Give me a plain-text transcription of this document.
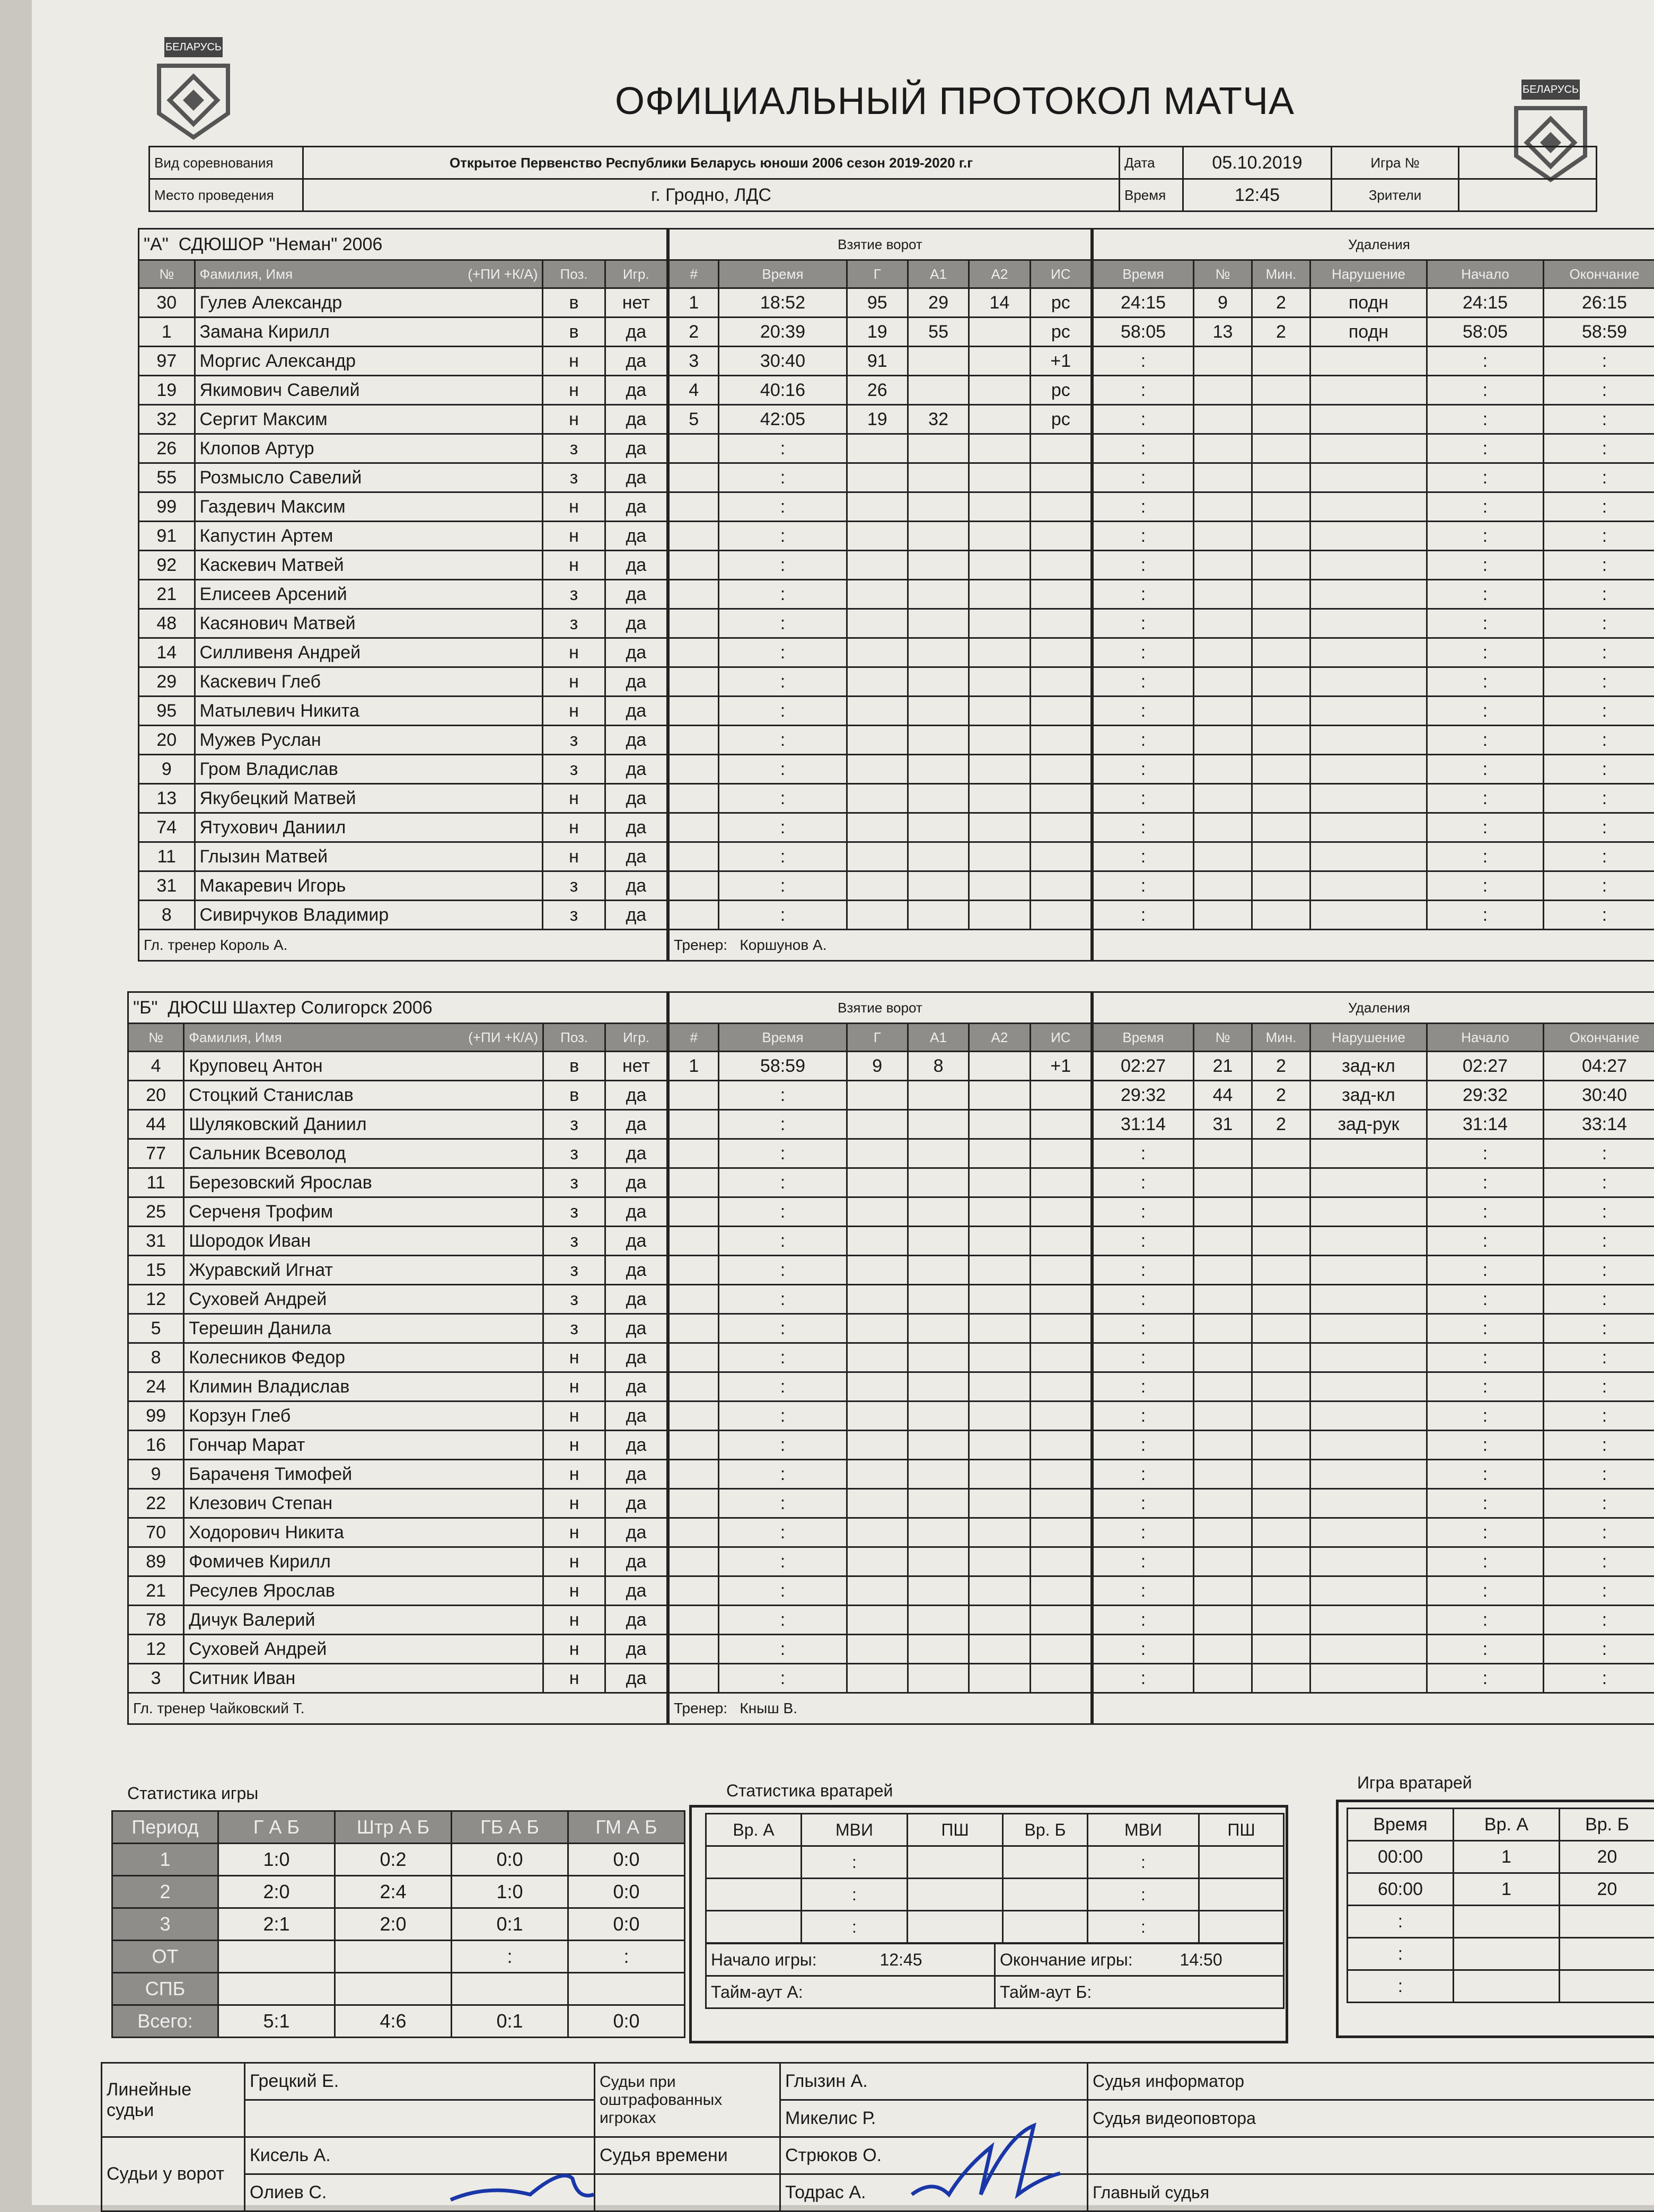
БЕЛАРУСЬ
БЕЛАРУСЬ
ОФИЦИАЛЬНЫЙ ПРОТОКОЛ МАТЧА
Вид соревнования	Открытое Первенство Республики Беларусь юноши 2006 сезон 2019-2020 г.г	Дата	05.10.2019	Игра №	
Место проведения	г. Гродно, ЛДС	Время	12:45	Зрители	
"А" СДЮШОР "Неман" 2006			
№	Фамилия, Имя (+ПИ +К/А)	Поз.	Игр.
30	Гулев Александр	в	нет
1	Замана Кирилл	в	да
97	Моргис Александр	н	да
19	Якимович Савелий	н	да
32	Сергит Максим	н	да
26	Клопов Артур	з	да
55	Розмысло Савелий	з	да
99	Газдевич Максим	н	да
91	Капустин Артем	н	да
92	Каскевич Матвей	н	да
21	Елисеев Арсений	з	да
48	Касянович Матвей	з	да
14	Силливеня Андрей	н	да
29	Каскевич Глеб	н	да
95	Матылевич Никита	н	да
20	Мужев Руслан	з	да
9	Гром Владислав	з	да
13	Якубецкий Матвей	н	да
74	Ятухович Даниил	н	да
11	Глызин Матвей	н	да
31	Макаревич Игорь	з	да
8	Сивирчуков Владимир	з	да
Гл. тренер Король А.			
Взятие ворот					
#	Время	Г	А1	А2	ИС
1	18:52	95	29	14	рс
2	20:39	19	55		рс
3	30:40	91			+1
4	40:16	26			рс
5	42:05	19	32		рс
	:				
	:				
	:				
	:				
	:				
	:				
	:				
	:				
	:				
	:				
	:				
	:				
	:				
	:				
	:				
	:				
	:				
Тренер: Коршунов А.					
Удаления					
Время	№	Мин.	Нарушение	Начало	Окончание
24:15	9	2	подн	24:15	26:15
58:05	13	2	подн	58:05	58:59
:				:	:
:				:	:
:				:	:
:				:	:
:				:	:
:				:	:
:				:	:
:				:	:
:				:	:
:				:	:
:				:	:
:				:	:
:				:	:
:				:	:
:				:	:
:				:	:
:				:	:
:				:	:
:				:	:
:				:	:

"Б" ДЮСШ Шахтер Солигорск 2006			
№	Фамилия, Имя (+ПИ +К/А)	Поз.	Игр.
4	Круповец Антон	в	нет
20	Стоцкий Станислав	в	да
44	Шуляковский Даниил	з	да
77	Сальник Всеволод	з	да
11	Березовский Ярослав	з	да
25	Серченя Трофим	з	да
31	Шородок Иван	з	да
15	Журавский Игнат	з	да
12	Суховей Андрей	з	да
5	Терешин Данила	з	да
8	Колесников Федор	н	да
24	Климин Владислав	н	да
99	Корзун Глеб	н	да
16	Гончар Марат	н	да
9	Бараченя Тимофей	н	да
22	Клезович Степан	н	да
70	Ходорович Никита	н	да
89	Фомичев Кирилл	н	да
21	Ресулев Ярослав	н	да
78	Дичук Валерий	н	да
12	Суховей Андрей	н	да
3	Ситник Иван	н	да
Гл. тренер Чайковский Т.			
Взятие ворот					
#	Время	Г	А1	А2	ИС
1	58:59	9	8		+1
	:				
	:				
	:				
	:				
	:				
	:				
	:				
	:				
	:				
	:				
	:				
	:				
	:				
	:				
	:				
	:				
	:				
	:				
	:				
	:				
	:				
Тренер: Кныш В.					
Удаления					
Время	№	Мин.	Нарушение	Начало	Окончание
02:27	21	2	зад-кл	02:27	04:27
29:32	44	2	зад-кл	29:32	30:40
31:14	31	2	зад-рук	31:14	33:14
:				:	:
:				:	:
:				:	:
:				:	:
:				:	:
:				:	:
:				:	:
:				:	:
:				:	:
:				:	:
:				:	:
:				:	:
:				:	:
:				:	:
:				:	:
:				:	:
:				:	:
:				:	:
:				:	:

Статистика игры
Период	Г А Б	Штр А Б	ГБ А Б	ГМ А Б
1	1:0	0:2	0:0	0:0
2	2:0	2:4	1:0	0:0
3	2:1	2:0	0:1	0:0
ОТ			:	:
СПБ				
Всего:	5:1	4:6	0:1	0:0
Статистика вратарей
Вр. А	МВИ	ПШ	Вр. Б	МВИ	ПШ
	:			:	
	:			:	
	:			:	
Начало игры: 12:45	Окончание игры: 14:50
Тайм-аут А:	Тайм-аут Б:
Игра вратарей
Время	Вр. А	Вр. Б
00:00	1	20
60:00	1	20
:		
:		
:		
Линейные судьи	Грецкий Е.	Судьи при оштрафованных игроках	Глызин А.	Судья информатор
			Микелис Р.	Судья видеоповтора
Судьи у ворот	Кисель А.	Судья времени	Стрюков О.	
	Олиев С.		Тодрас А.	Главный судья
